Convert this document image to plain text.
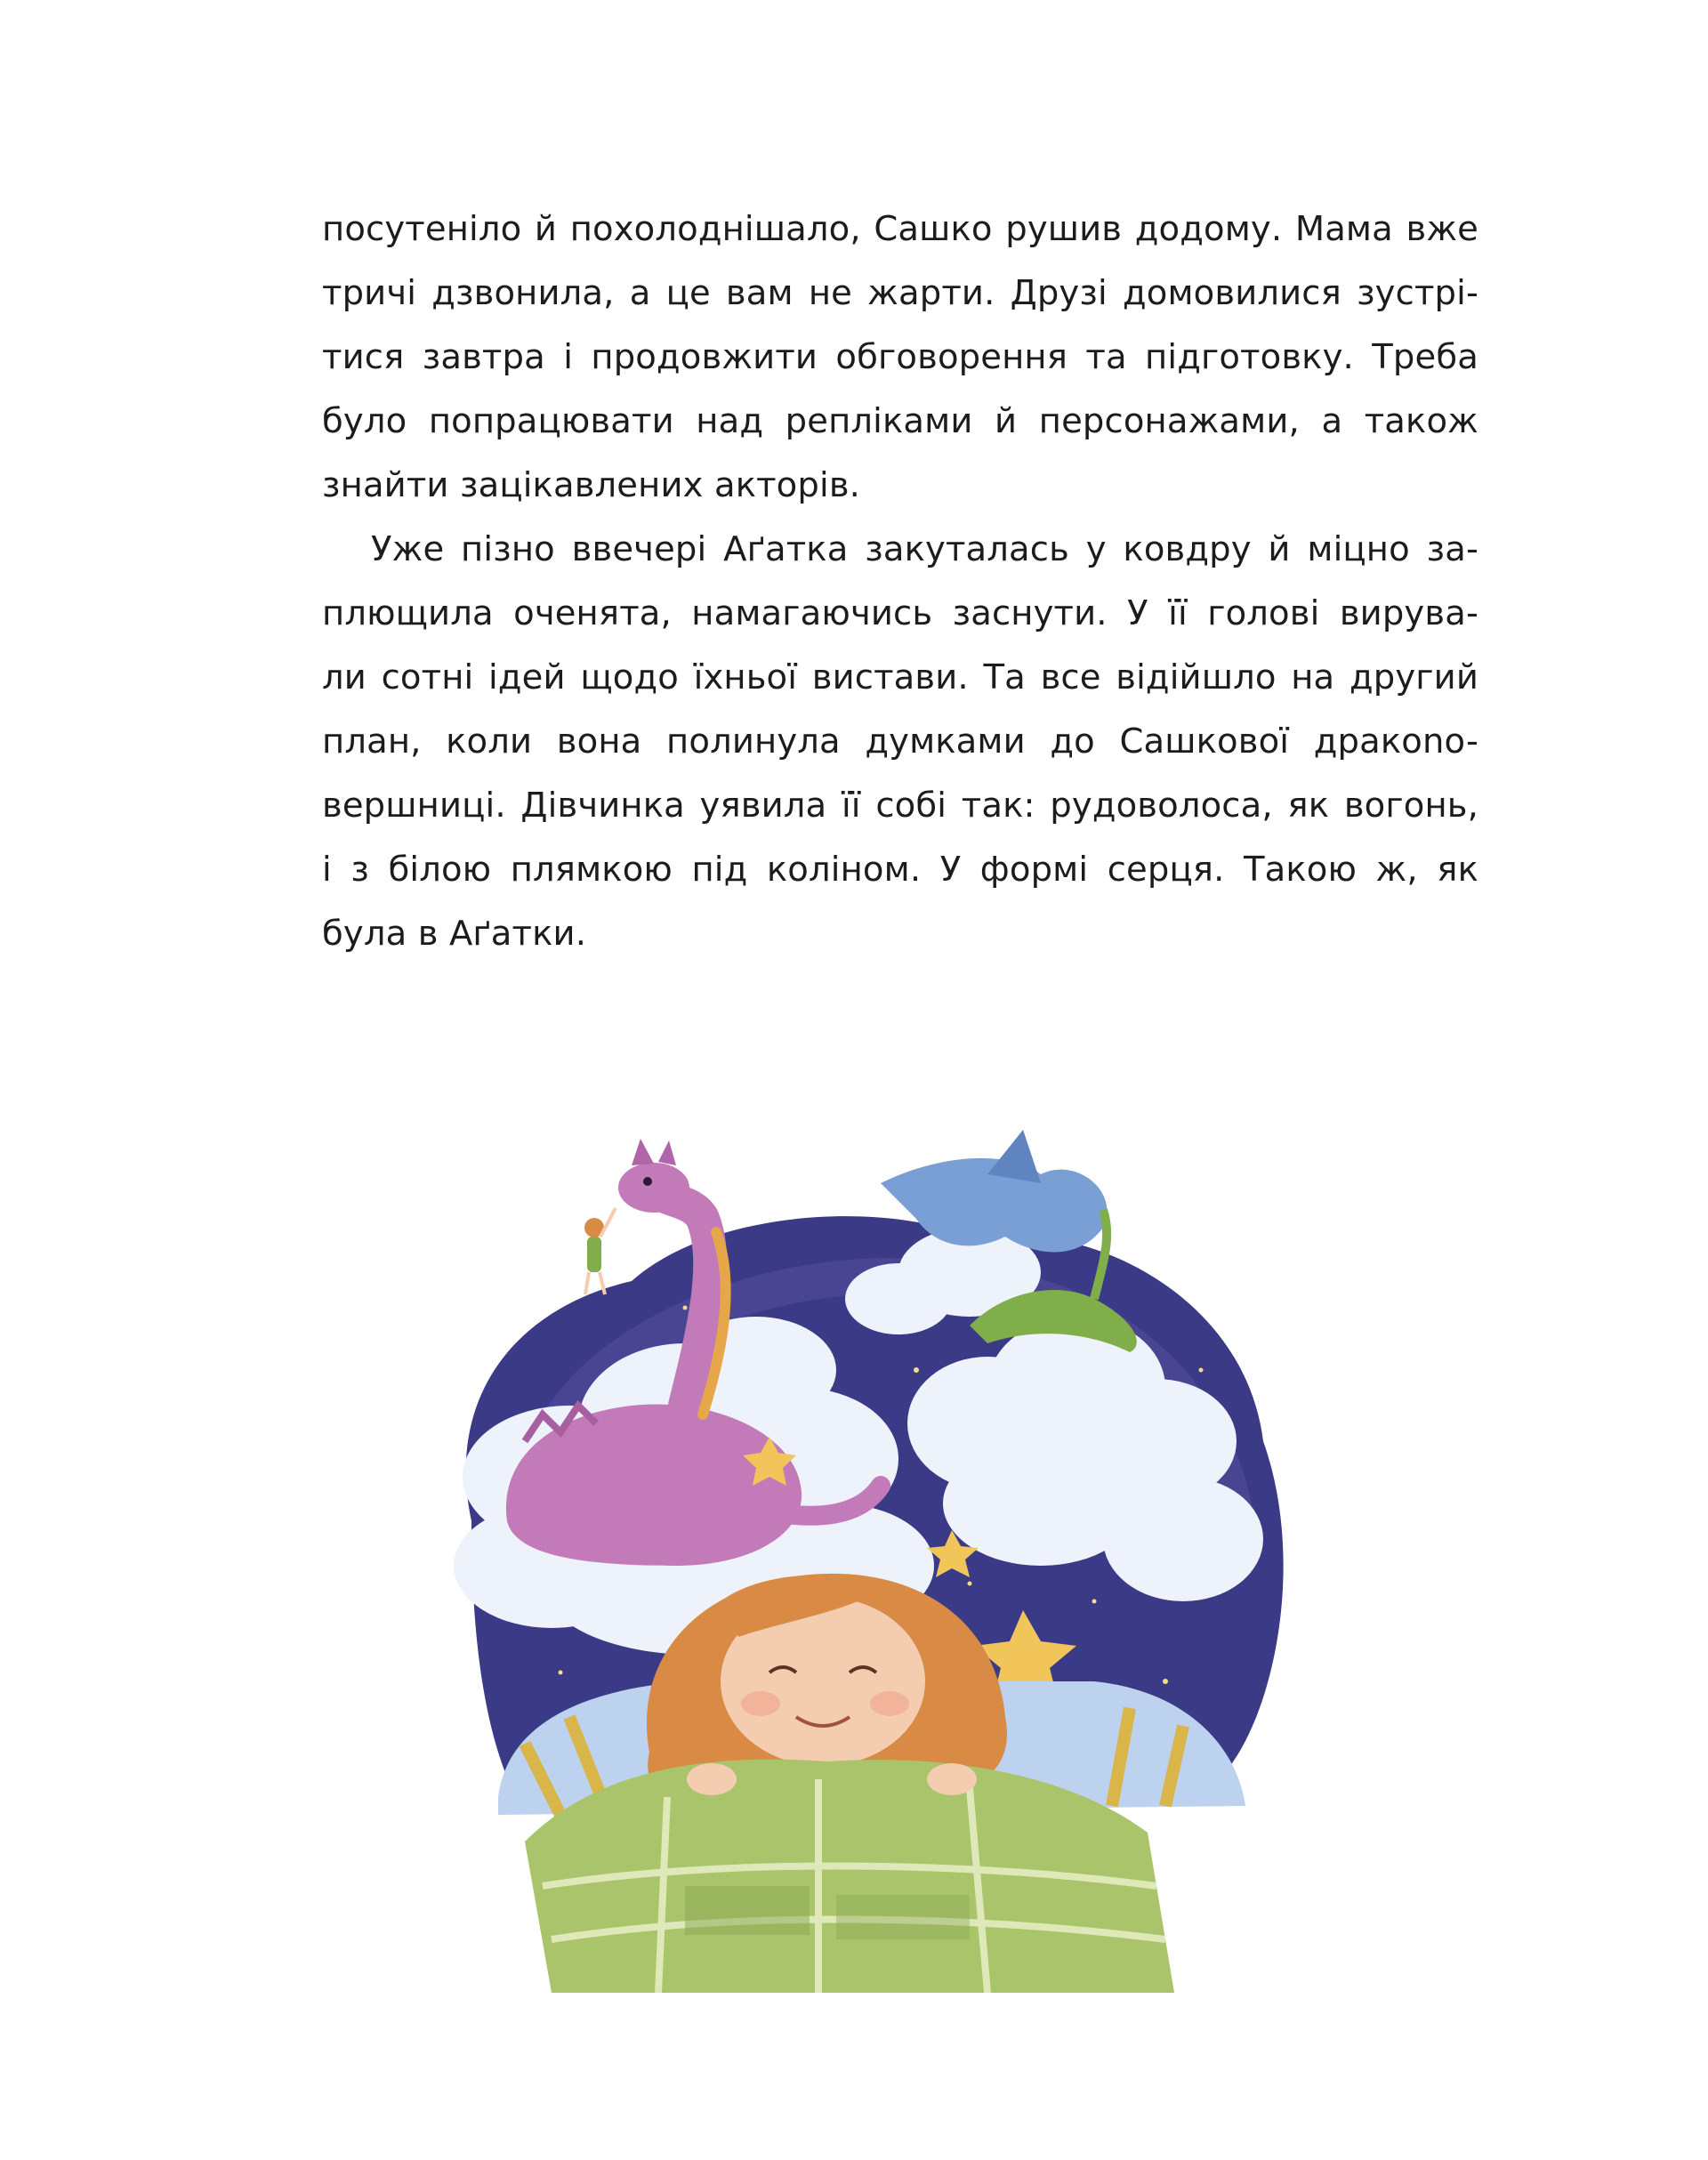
посутеніло й похолоднішало, Сашко рушив додому. Мама вже
тричі дзвонила, а це вам не жарти. Друзі домовилися зустрі-
тися завтра і продовжити обговорення та підготовку. Треба
було попрацювати над репліками й персонажами, а також
знайти зацікавлених акторів.
Уже пізно ввечері Аґатка закуталась у ковдру й міцно за-
плющила оченята, намагаючись заснути. У її голові вирува-
ли сотні ідей щодо їхньої вистави. Та все відійшло на другий
план, коли вона полинула думками до Сашкової дракono-
вершниці. Дівчинка уявила її собі так: рудоволоса, як вогонь,
і з білою плямкою під коліном. У формі серця. Такою ж, як
була в Аґатки.
